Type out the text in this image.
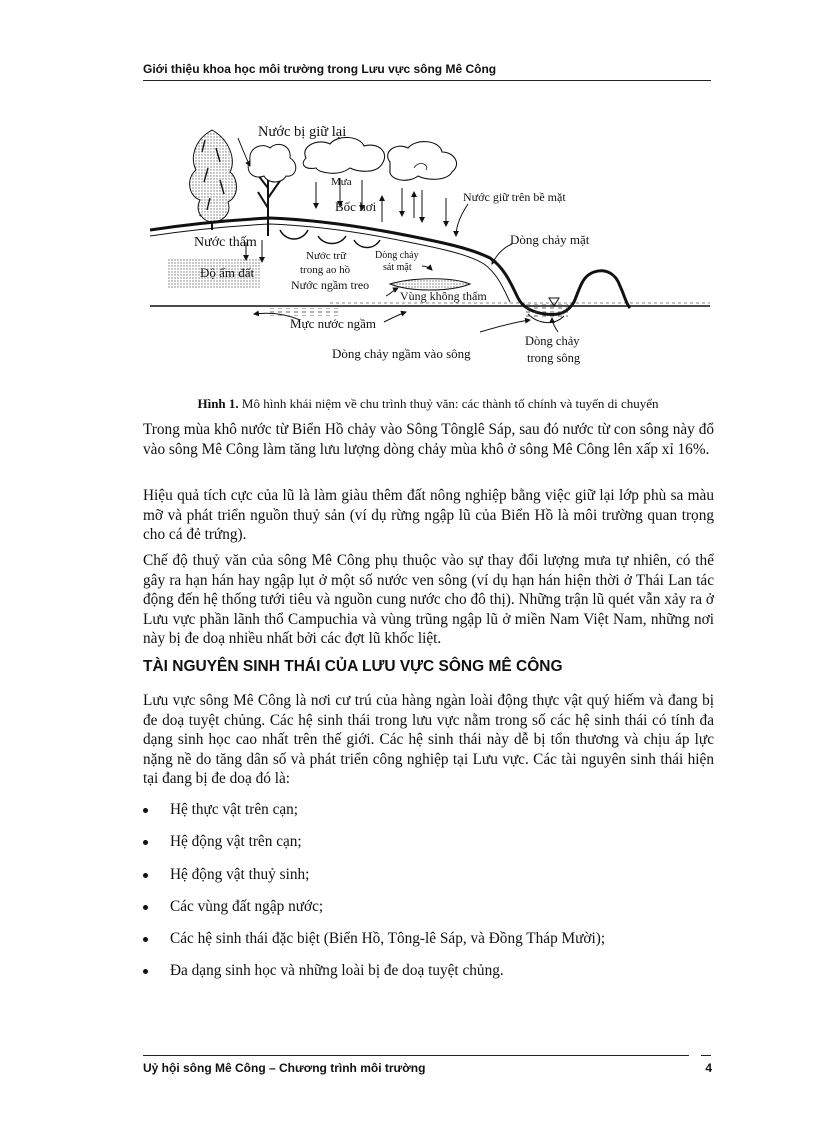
Giới thiệu khoa học môi trường trong Lưu vực sông Mê Công
Nước bị giữ lại
Mưa
Bốc hơi
Nước giữ trên bề mặt
Nước thấm	Dòng chảy mặt
Độ ẩm đất
Nước trữ
trong ao hồ
Dòng chảy
sát mặt
Nước ngầm treo
Vùng không thấm
Mực nước ngầm
Dòng chảy ngầm vào sông
Dòng chảy
trong sông
Hình 1. Mô hình khái niệm về chu trình thuỷ văn: các thành tố chính và tuyến di chuyển
Trong mùa khô nước từ Biển Hồ chảy vào Sông Tônglê Sáp, sau đó nước từ con sông này đổ vào sông Mê Công làm tăng lưu lượng dòng chảy mùa khô ở sông Mê Công lên xấp xỉ 16%.
Hiệu quả tích cực của lũ là làm giàu thêm đất nông nghiệp bằng việc giữ lại lớp phù sa màu mỡ và phát triển nguồn thuỷ sản (ví dụ rừng ngập lũ của Biển Hồ là môi trường quan trọng cho cá đẻ trứng).
Chế độ thuỷ văn của sông Mê Công phụ thuộc vào sự thay đổi lượng mưa tự nhiên, có thể gây ra hạn hán hay ngập lụt ở một số nước ven sông (ví dụ hạn hán hiện thời ở Thái Lan tác động đến hệ thống tưới tiêu và nguồn cung nước cho đô thị). Những trận lũ quét vẫn xảy ra ở Lưu vực phần lãnh thổ Campuchia và vùng trũng ngập lũ ở miền Nam Việt Nam, những nơi này bị đe doạ nhiều nhất bởi các đợt lũ khốc liệt.
TÀI NGUYÊN SINH THÁI CỦA LƯU VỰC SÔNG MÊ CÔNG
Lưu vực sông Mê Công là nơi cư trú của hàng ngàn loài động thực vật quý hiếm và đang bị đe doạ tuyệt chủng. Các hệ sinh thái trong lưu vực nằm trong số các hệ sinh thái có tính đa dạng sinh học cao nhất trên thế giới. Các hệ sinh thái này dễ bị tổn thương và chịu áp lực nặng nề do tăng dân số và phát triển công nghiệp tại Lưu vực. Các tài nguyên sinh thái hiện tại đang bị đe doạ đó là:
Hệ thực vật trên cạn;
Hệ động vật trên cạn;
Hệ động vật thuỷ sinh;
Các vùng đất ngập nước;
Các hệ sinh thái đặc biệt (Biển Hồ, Tông-lê Sáp, và Đồng Tháp Mười);
Đa dạng sinh học và những loài bị đe doạ tuyệt chủng.
Uỷ hội sông Mê Công – Chương trình môi trường	4
